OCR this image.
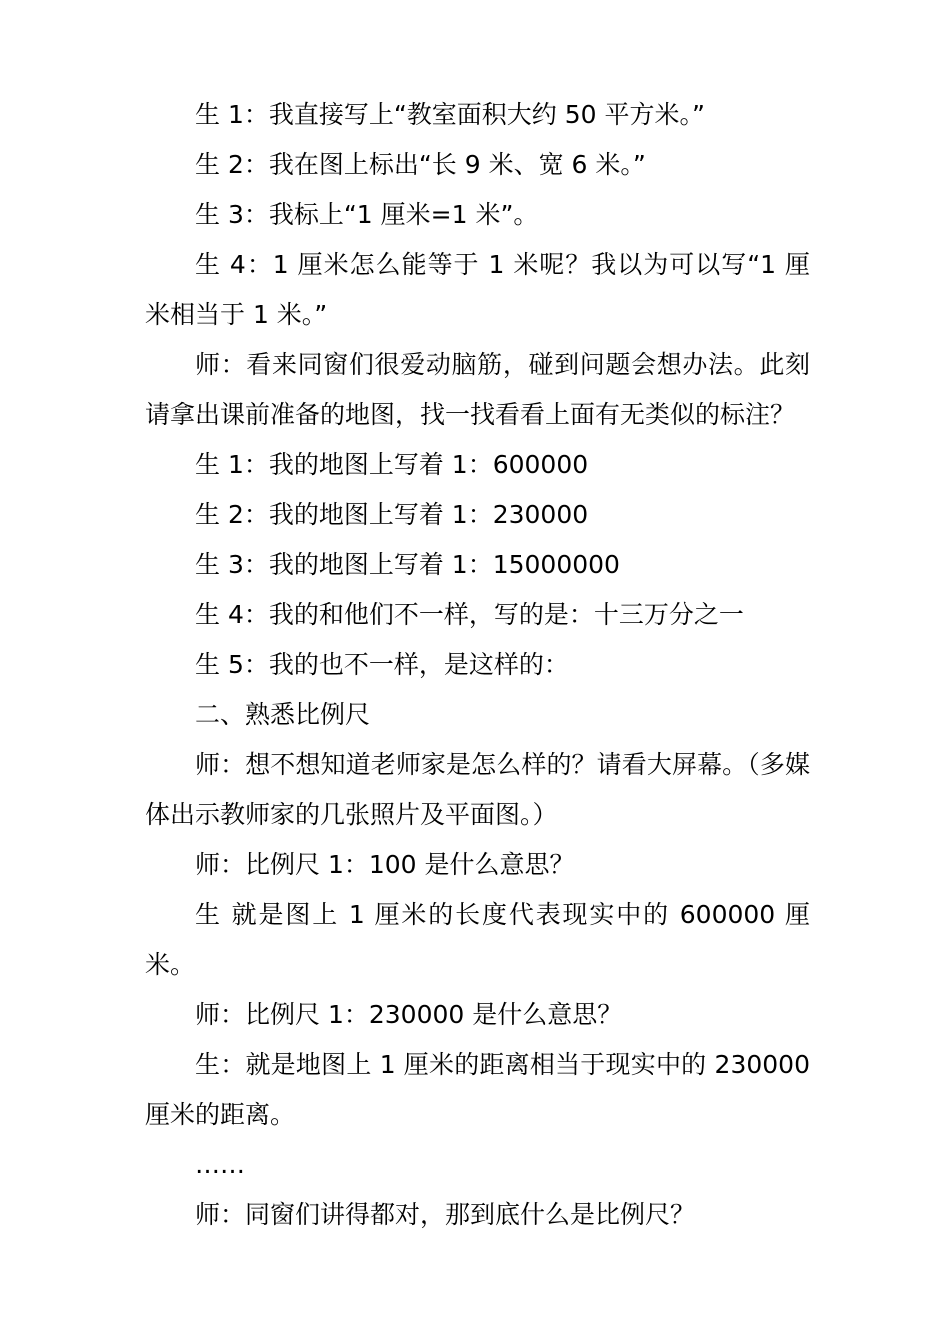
生 1：我直接写上“教室面积大约 50 平方米。”

生 2：我在图上标出“长 9 米、宽 6 米。”

生 3：我标上“1 厘米=1 米”。

生 4：1 厘米怎么能等于 1 米呢？我以为可以写“1 厘米相当于 1 米。”

师：看来同窗们很爱动脑筋，碰到问题会想办法。此刻请拿出课前准备的地图，找一找看看上面有无类似的标注？

生 1：我的地图上写着 1：600000

生 2：我的地图上写着 1：230000

生 3：我的地图上写着 1：15000000

生 4：我的和他们不一样，写的是：十三万分之一

生 5：我的也不一样，是这样的：

二、熟悉比例尺

师：想不想知道老师家是怎么样的？请看大屏幕。（多媒体出示教师家的几张照片及平面图。）

师：比例尺 1：100 是什么意思？

生 就是图上 1 厘米的长度代表现实中的 600000 厘米。

师：比例尺 1：230000 是什么意思？

生：就是地图上 1 厘米的距离相当于现实中的 230000 厘米的距离。

……

师：同窗们讲得都对，那到底什么是比例尺？
